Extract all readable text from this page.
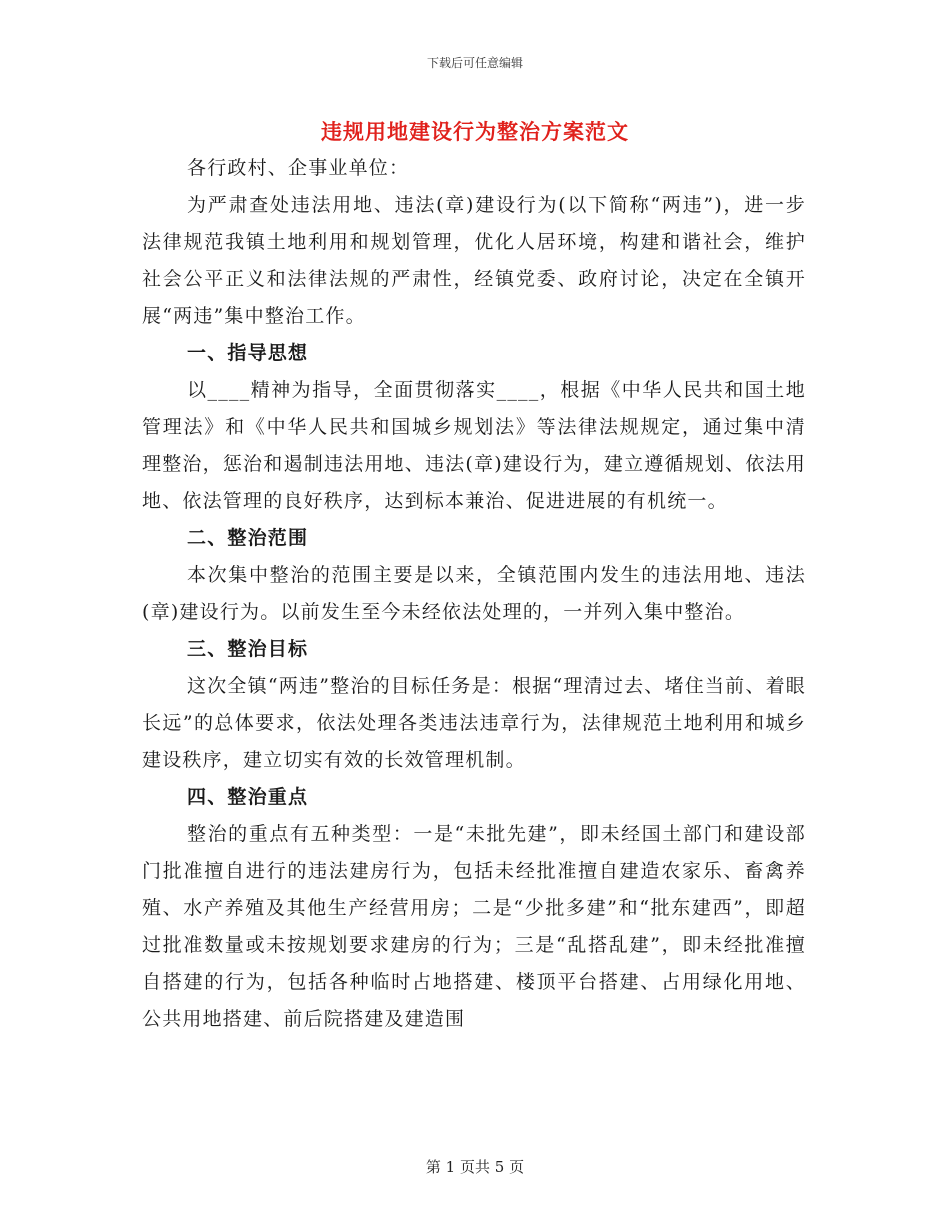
下载后可任意编辑
违规用地建设行为整治方案范文

各行政村、企事业单位：

为严肃查处违法用地、违法(章)建设行为(以下简称“两违”)，进一步法律规范我镇土地利用和规划管理，优化人居环境，构建和谐社会，维护社会公平正义和法律法规的严肃性，经镇党委、政府讨论，决定在全镇开展“两违”集中整治工作。

一、指导思想

以____精神为指导，全面贯彻落实____，根据《中华人民共和国土地管理法》和《中华人民共和国城乡规划法》等法律法规规定，通过集中清理整治，惩治和遏制违法用地、违法(章)建设行为，建立遵循规划、依法用地、依法管理的良好秩序，达到标本兼治、促进进展的有机统一。

二、整治范围

本次集中整治的范围主要是以来，全镇范围内发生的违法用地、违法(章)建设行为。以前发生至今未经依法处理的，一并列入集中整治。

三、整治目标

这次全镇“两违”整治的目标任务是：根据“理清过去、堵住当前、着眼长远”的总体要求，依法处理各类违法违章行为，法律规范土地利用和城乡建设秩序，建立切实有效的长效管理机制。

四、整治重点

整治的重点有五种类型：一是“未批先建”，即未经国土部门和建设部门批准擅自进行的违法建房行为，包括未经批准擅自建造农家乐、畜禽养殖、水产养殖及其他生产经营用房；二是“少批多建”和“批东建西”，即超过批准数量或未按规划要求建房的行为；三是“乱搭乱建”，即未经批准擅自搭建的行为，包括各种临时占地搭建、楼顶平台搭建、占用绿化用地、公共用地搭建、前后院搭建及建造围

第 1 页共 5 页
